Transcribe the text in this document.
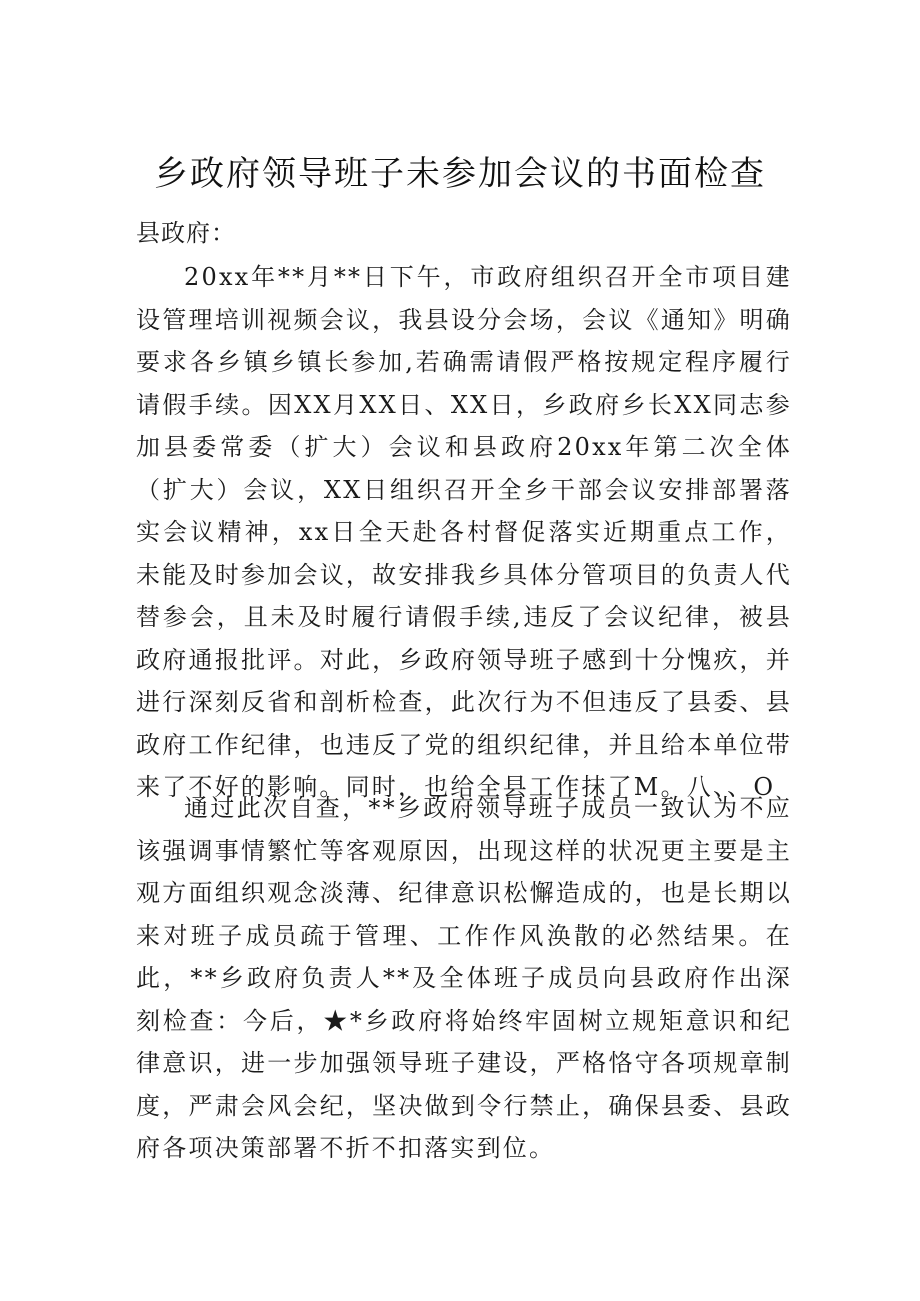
乡政府领导班子未参加会议的书面检查

县政府：

20xx年**月**日下午，市政府组织召开全市项目建设管理培训视频会议，我县设分会场，会议《通知》明确要求各乡镇乡镇长参加,若确需请假严格按规定程序履行请假手续。因XX月XX日、XX日，乡政府乡长XX同志参加县委常委（扩大）会议和县政府20xx年第二次全体（扩大）会议，XX日组织召开全乡干部会议安排部署落实会议精神，xx日全天赴各村督促落实近期重点工作，未能及时参加会议，故安排我乡具体分管项目的负责人代替参会，且未及时履行请假手续,违反了会议纪律，被县政府通报批评。对此，乡政府领导班子感到十分愧疚，并进行深刻反省和剖析检查，此次行为不但违反了县委、县政府工作纪律，也违反了党的组织纪律，并且给本单位带来了不好的影响。同时，也给全县工作抹了M。八、、O

通过此次自查，**乡政府领导班子成员一致认为不应该强调事情繁忙等客观原因，出现这样的状况更主要是主观方面组织观念淡薄、纪律意识松懈造成的，也是长期以来对班子成员疏于管理、工作作风涣散的必然结果。在此，**乡政府负责人**及全体班子成员向县政府作出深刻检查：今后，★*乡政府将始终牢固树立规矩意识和纪律意识，进一步加强领导班子建设，严格恪守各项规章制度，严肃会风会纪，坚决做到令行禁止，确保县委、县政府各项决策部署不折不扣落实到位。
